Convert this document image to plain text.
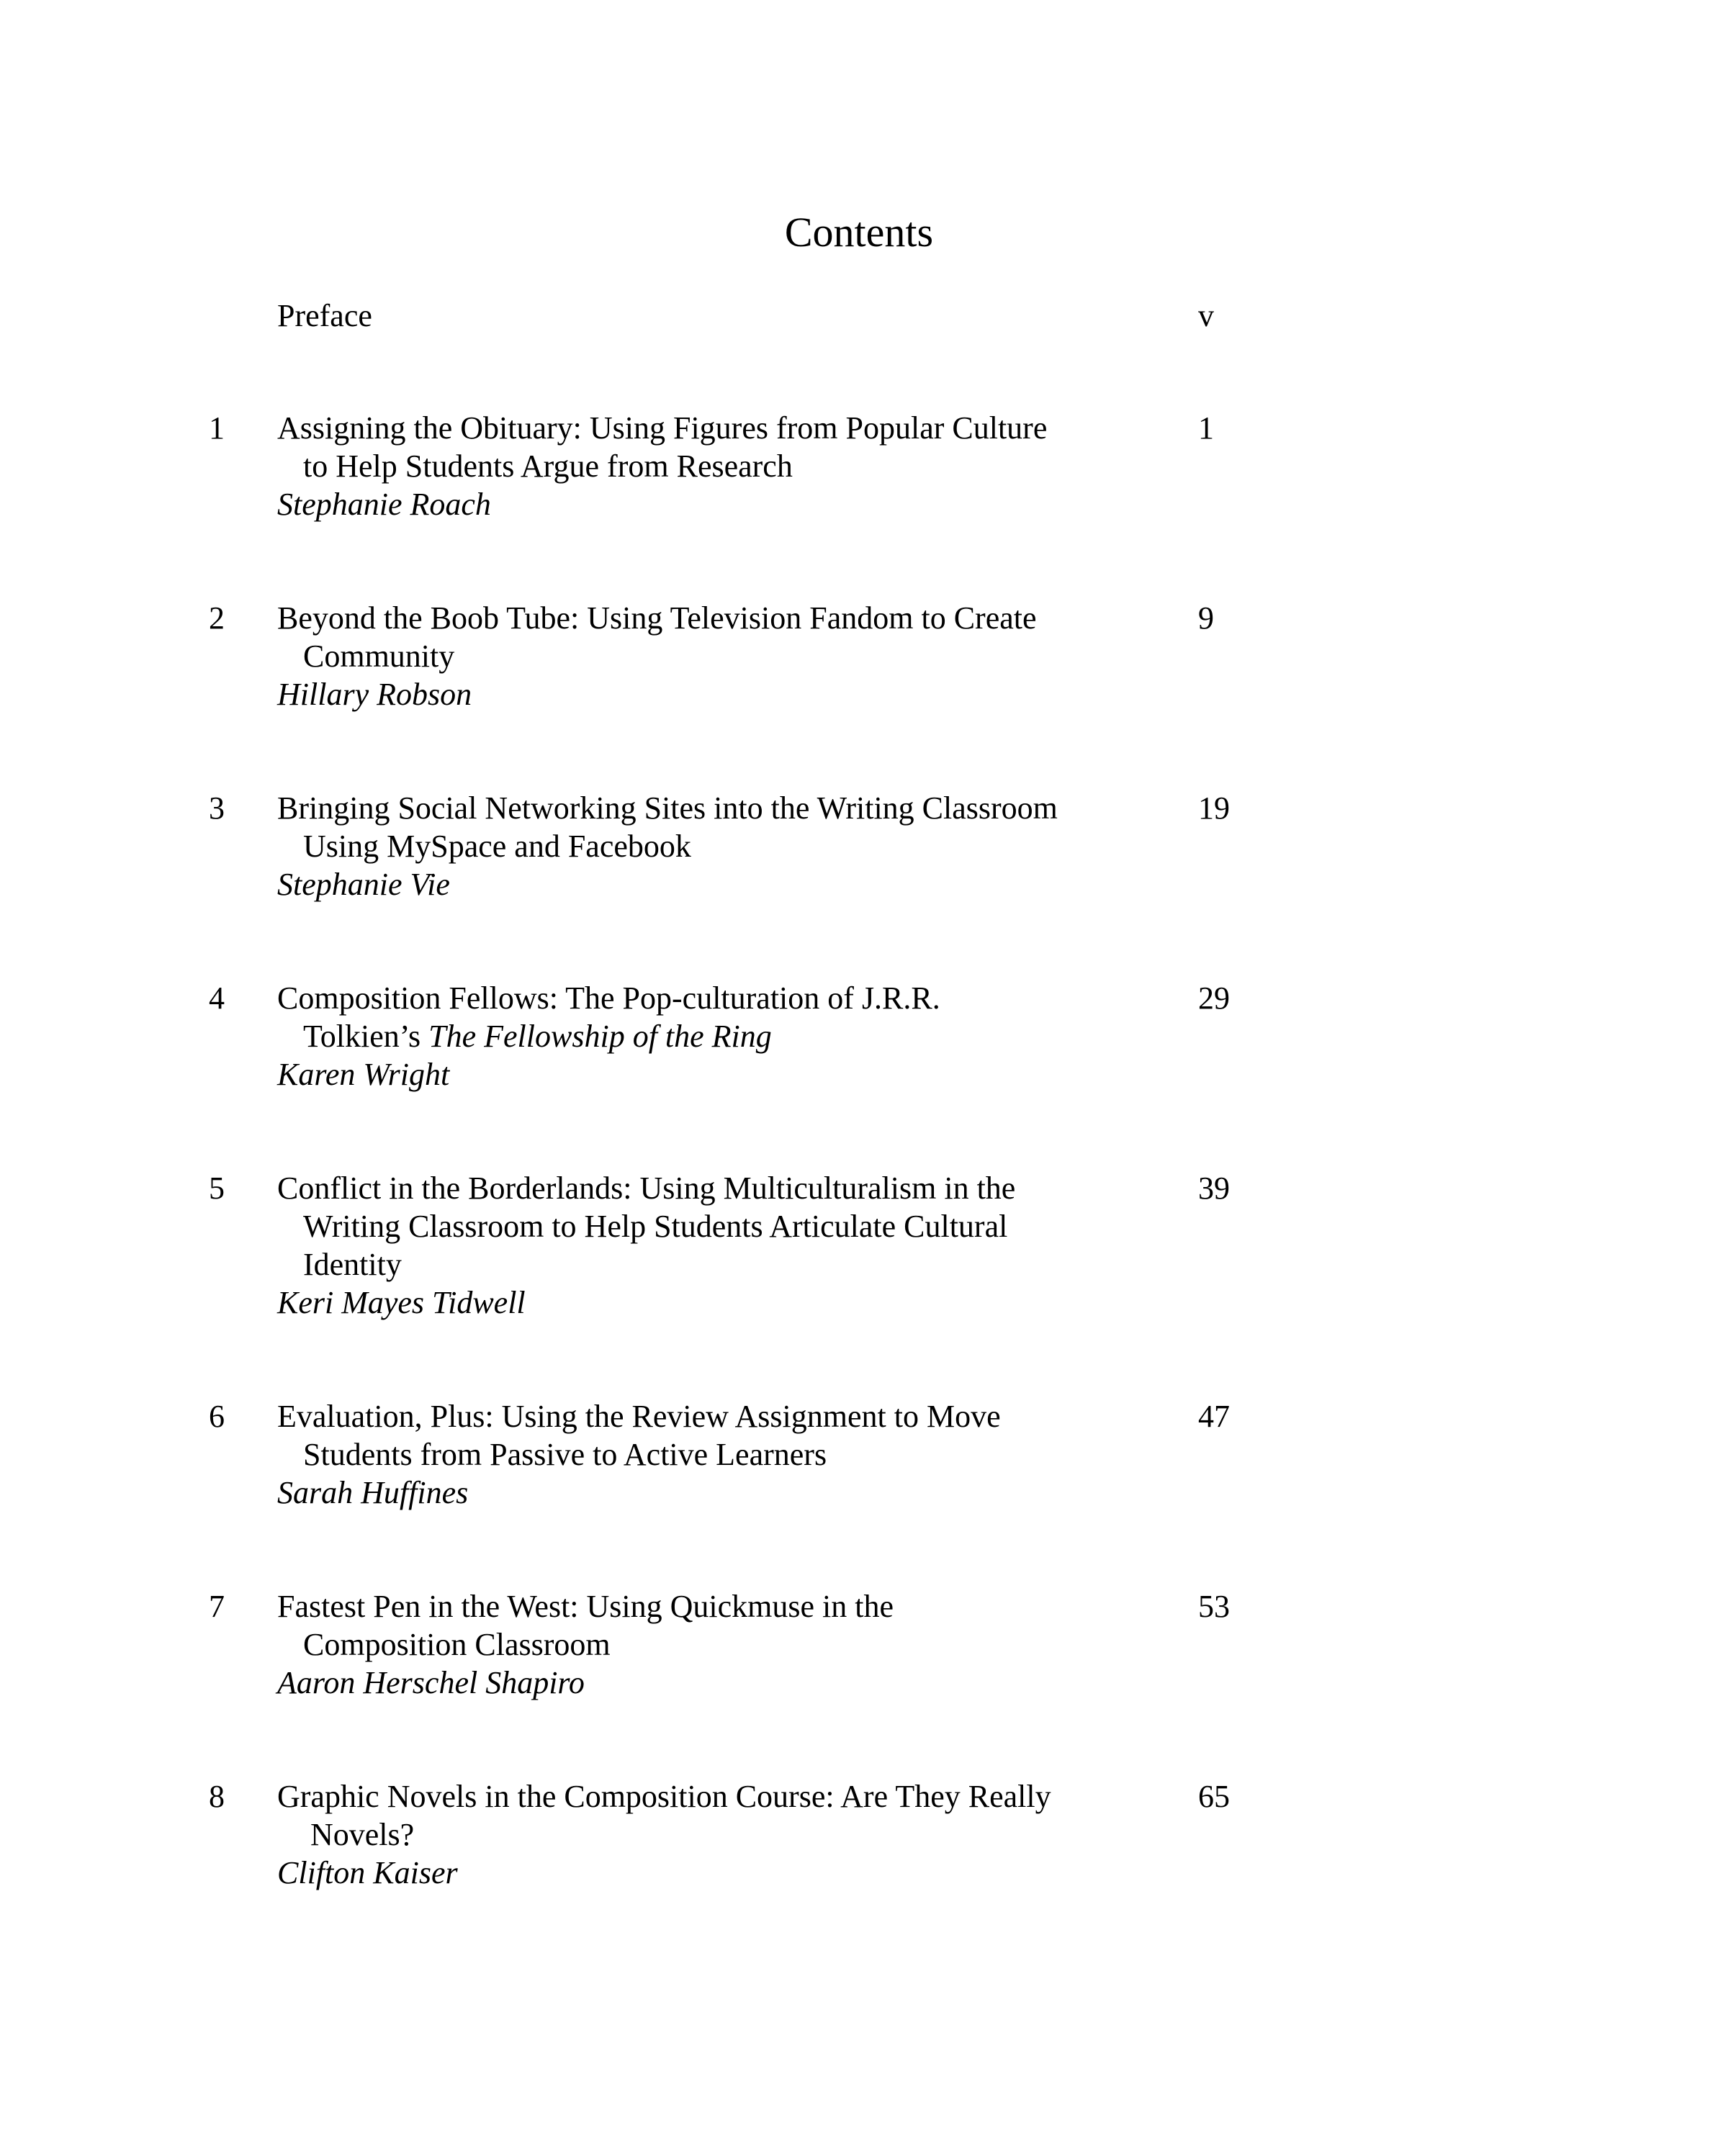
Contents
Preface	v
1 Assigning the Obituary: Using Figures from Popular Culture
to Help Students Argue from Research
Stephanie Roach
1
2 Beyond the Boob Tube: Using Television Fandom to Create
Community
Hillary Robson
9
3 Bringing Social Networking Sites into the Writing Classroom
Using MySpace and Facebook
Stephanie Vie
19
4 Composition Fellows: The Pop-culturation of J.R.R.
Tolkien’s The Fellowship of the Ring
Karen Wright
29
5 Conflict in the Borderlands: Using Multiculturalism in the
Writing Classroom to Help Students Articulate Cultural
Identity
Keri Mayes Tidwell
39
6 Evaluation, Plus: Using the Review Assignment to Move
Students from Passive to Active Learners
Sarah Huffines
47
7 Fastest Pen in the West: Using Quickmuse in the
Composition Classroom
Aaron Herschel Shapiro
53
8 Graphic Novels in the Composition Course: Are They Really
Novels?
Clifton Kaiser
65
